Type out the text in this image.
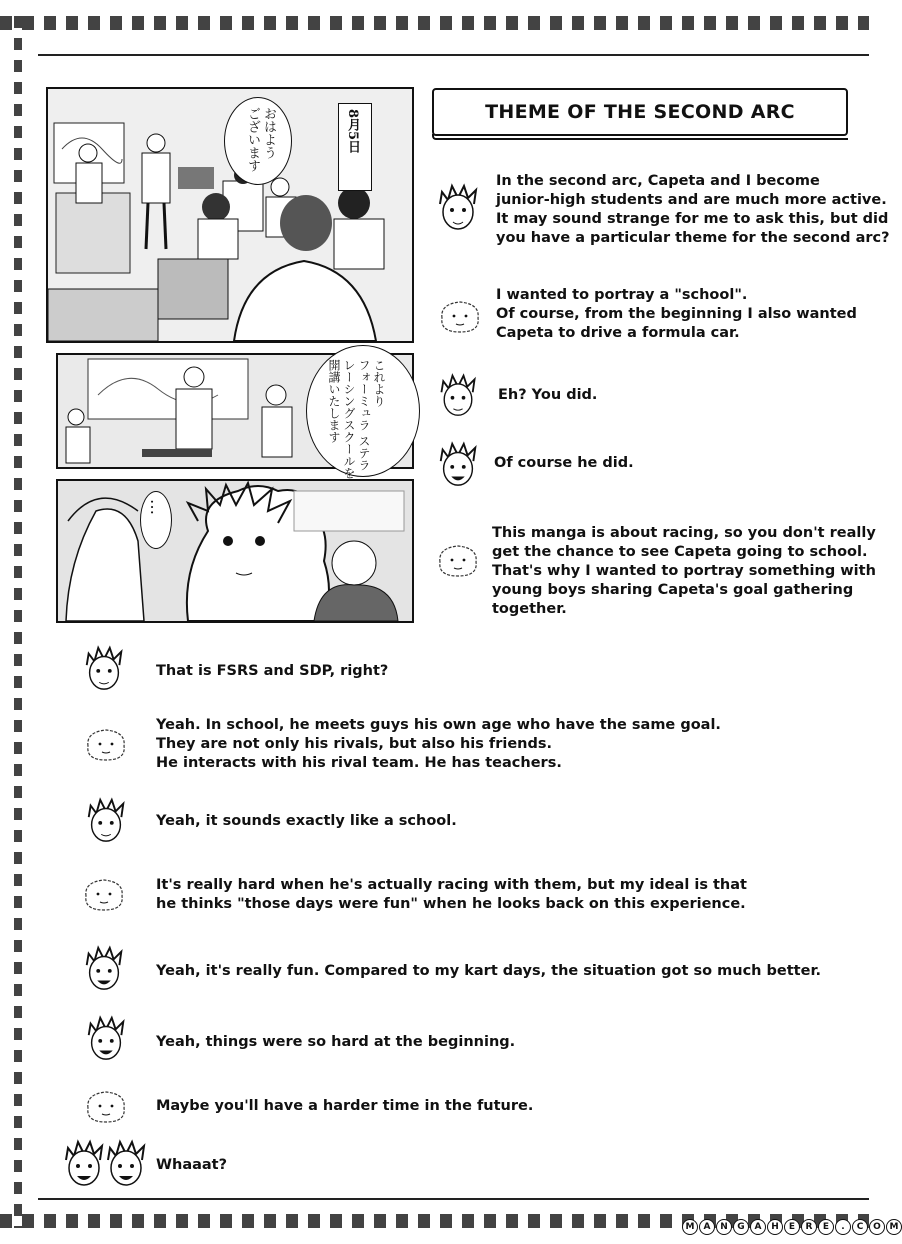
おはよう
ございます	8月5日
これより
フォーミュラ ステラ
レーシングスクールを
開講いたします
…
THEME OF THE SECOND ARC
In the second arc, Capeta and I become
junior-high students and are much more active.
It may sound strange for me to ask this, but did
you have a particular theme for the second arc?
I wanted to portray a "school".
Of course, from the beginning I also wanted
Capeta to drive a formula car.
Eh? You did.
Of course he did.
This manga is about racing, so you don't really
get the chance to see Capeta going to school.
That's why I wanted to portray something with
young boys sharing Capeta's goal gathering
together.
That is FSRS and SDP, right?
Yeah. In school, he meets guys his own age who have the same goal.
They are not only his rivals, but also his friends.
He interacts with his rival team. He has teachers.
Yeah, it sounds exactly like a school.
It's really hard when he's actually racing with them, but my ideal is that
he thinks "those days were fun" when he looks back on this experience.
Yeah, it's really fun. Compared to my kart days, the situation got so much better.
Yeah, things were so hard at the beginning.
Maybe you'll have a harder time in the future.
Whaaat?
M	A	N	G	A	H	E	R	E	.	C	O M
